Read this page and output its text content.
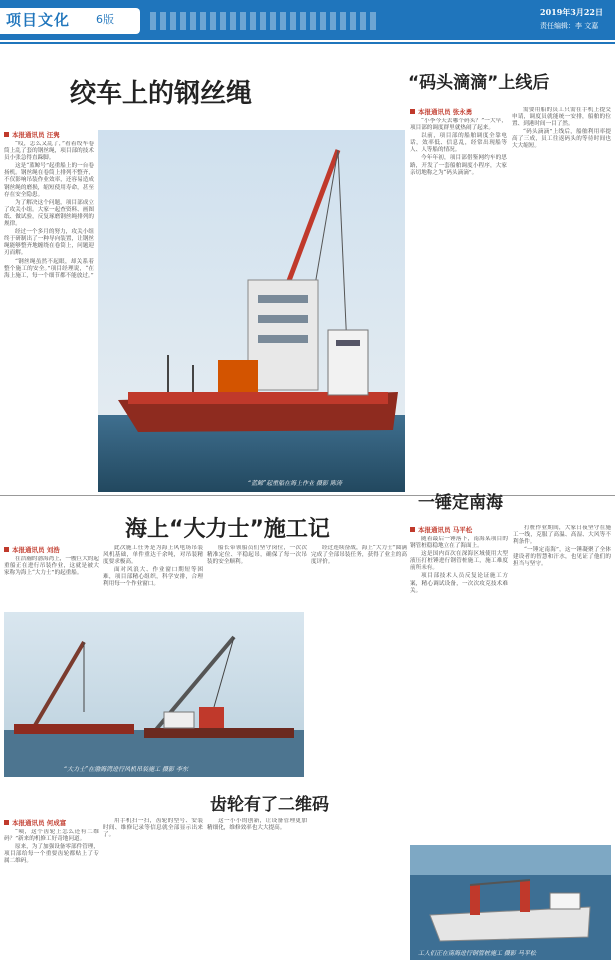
项目文化 6版
2019年3月22日
责任编辑：李 文嘉
绞车上的钢丝绳
本报通讯员 汪隽

“哎，怎么又乱了，”看着绞车卷筒上乱了套的钢丝绳，项目部的技术员小张急得直跺脚。

这是“蓝鲸号”起重船上的一台卷扬机。钢丝绳在卷筒上排列不整齐，不仅影响吊装作业效率，还容易造成钢丝绳的磨损，缩短使用寿命，甚至存在安全隐患。

为了解决这个问题，项目部成立了攻关小组。大家一起查资料、画图纸、做试验，反复琢磨钢丝绳排列的规律。

经过一个多月的努力，攻关小组终于研制出了一种导向装置，让钢丝绳能够整齐地缠绕在卷筒上，问题迎刃而解。

“钢丝绳虽然不起眼，却关系着整个施工的安全。”项目经理说，“在海上施工，每一个细节都不能放过。”

“蓝鲸”起重船在海上作业 摄影 陈涛
“码头滴滴”上线后
本报通讯员 张永勇

“小李今天去哪个码头？”一大早，项目部的调度群里就热闹了起来。

以前，项目部的船舶调度全靠电话，效率低、信息乱，经常出现船等人、人等船的情况。

今年年初，项目部借鉴网约车的思路，开发了一套船舶调度小程序，大家亲切地称之为“码头滴滴”。

需要用船的员工只需在手机上提交申请，调度员就能统一安排，船舶的位置、到港时间一目了然。

“码头滴滴”上线后，船舶利用率提高了三成，员工往返码头的等待时间也大大缩短。

海上“大力士”施工记
本报通讯员 刘浩

在浩瀚的渤海湾上，一艘巨大的起重船正在进行吊装作业，这就是被大家称为海上“大力士”的起重船。

此次施工任务是为海上风电场吊装风机基础，单件重达千余吨，对吊装精度要求极高。

面对风浪大、作业窗口期短等困难，项目部精心组织，科学安排，合理利用每一个作业窗口。

船长带领船员们坚守岗位，一次次精准定位、平稳起吊，确保了每一次吊装的安全顺利。

经过连续奋战，海上“大力士”圆满完成了全部吊装任务，获得了业主的高度评价。

“大力士”在渤海湾进行风机吊装施工 摄影 李东
一锤定南海
本报通讯员 马平松

随着最后一锤落下，南海某项目的钢管桩稳稳地立在了海面上。

这是国内首次在深海区域使用大型液压打桩锤进行钢管桩施工，施工难度前所未有。

项目部技术人员反复论证施工方案，精心调试设备，一次次攻克技术难关。

打桩作业期间，大家日夜坚守在施工一线，克服了高温、高湿、大风等不利条件。

“一锤定南海”，这一锤凝聚了全体建设者的智慧和汗水，也见证了他们的担当与坚守。

工人们正在南海进行钢管桩施工 摄影 马平松
齿轮有了二维码
本报通讯员 何成富

“咦，这个齿轮上怎么还有二维码？”新来的机修工好奇地问道。

原来，为了加强设备零部件管理，项目部给每一个重要齿轮都贴上了专属二维码。

用手机扫一扫，齿轮的型号、安装时间、维修记录等信息就全部显示出来了。

这一小小的创新，让设备管理更加精细化，维修效率也大大提高。
